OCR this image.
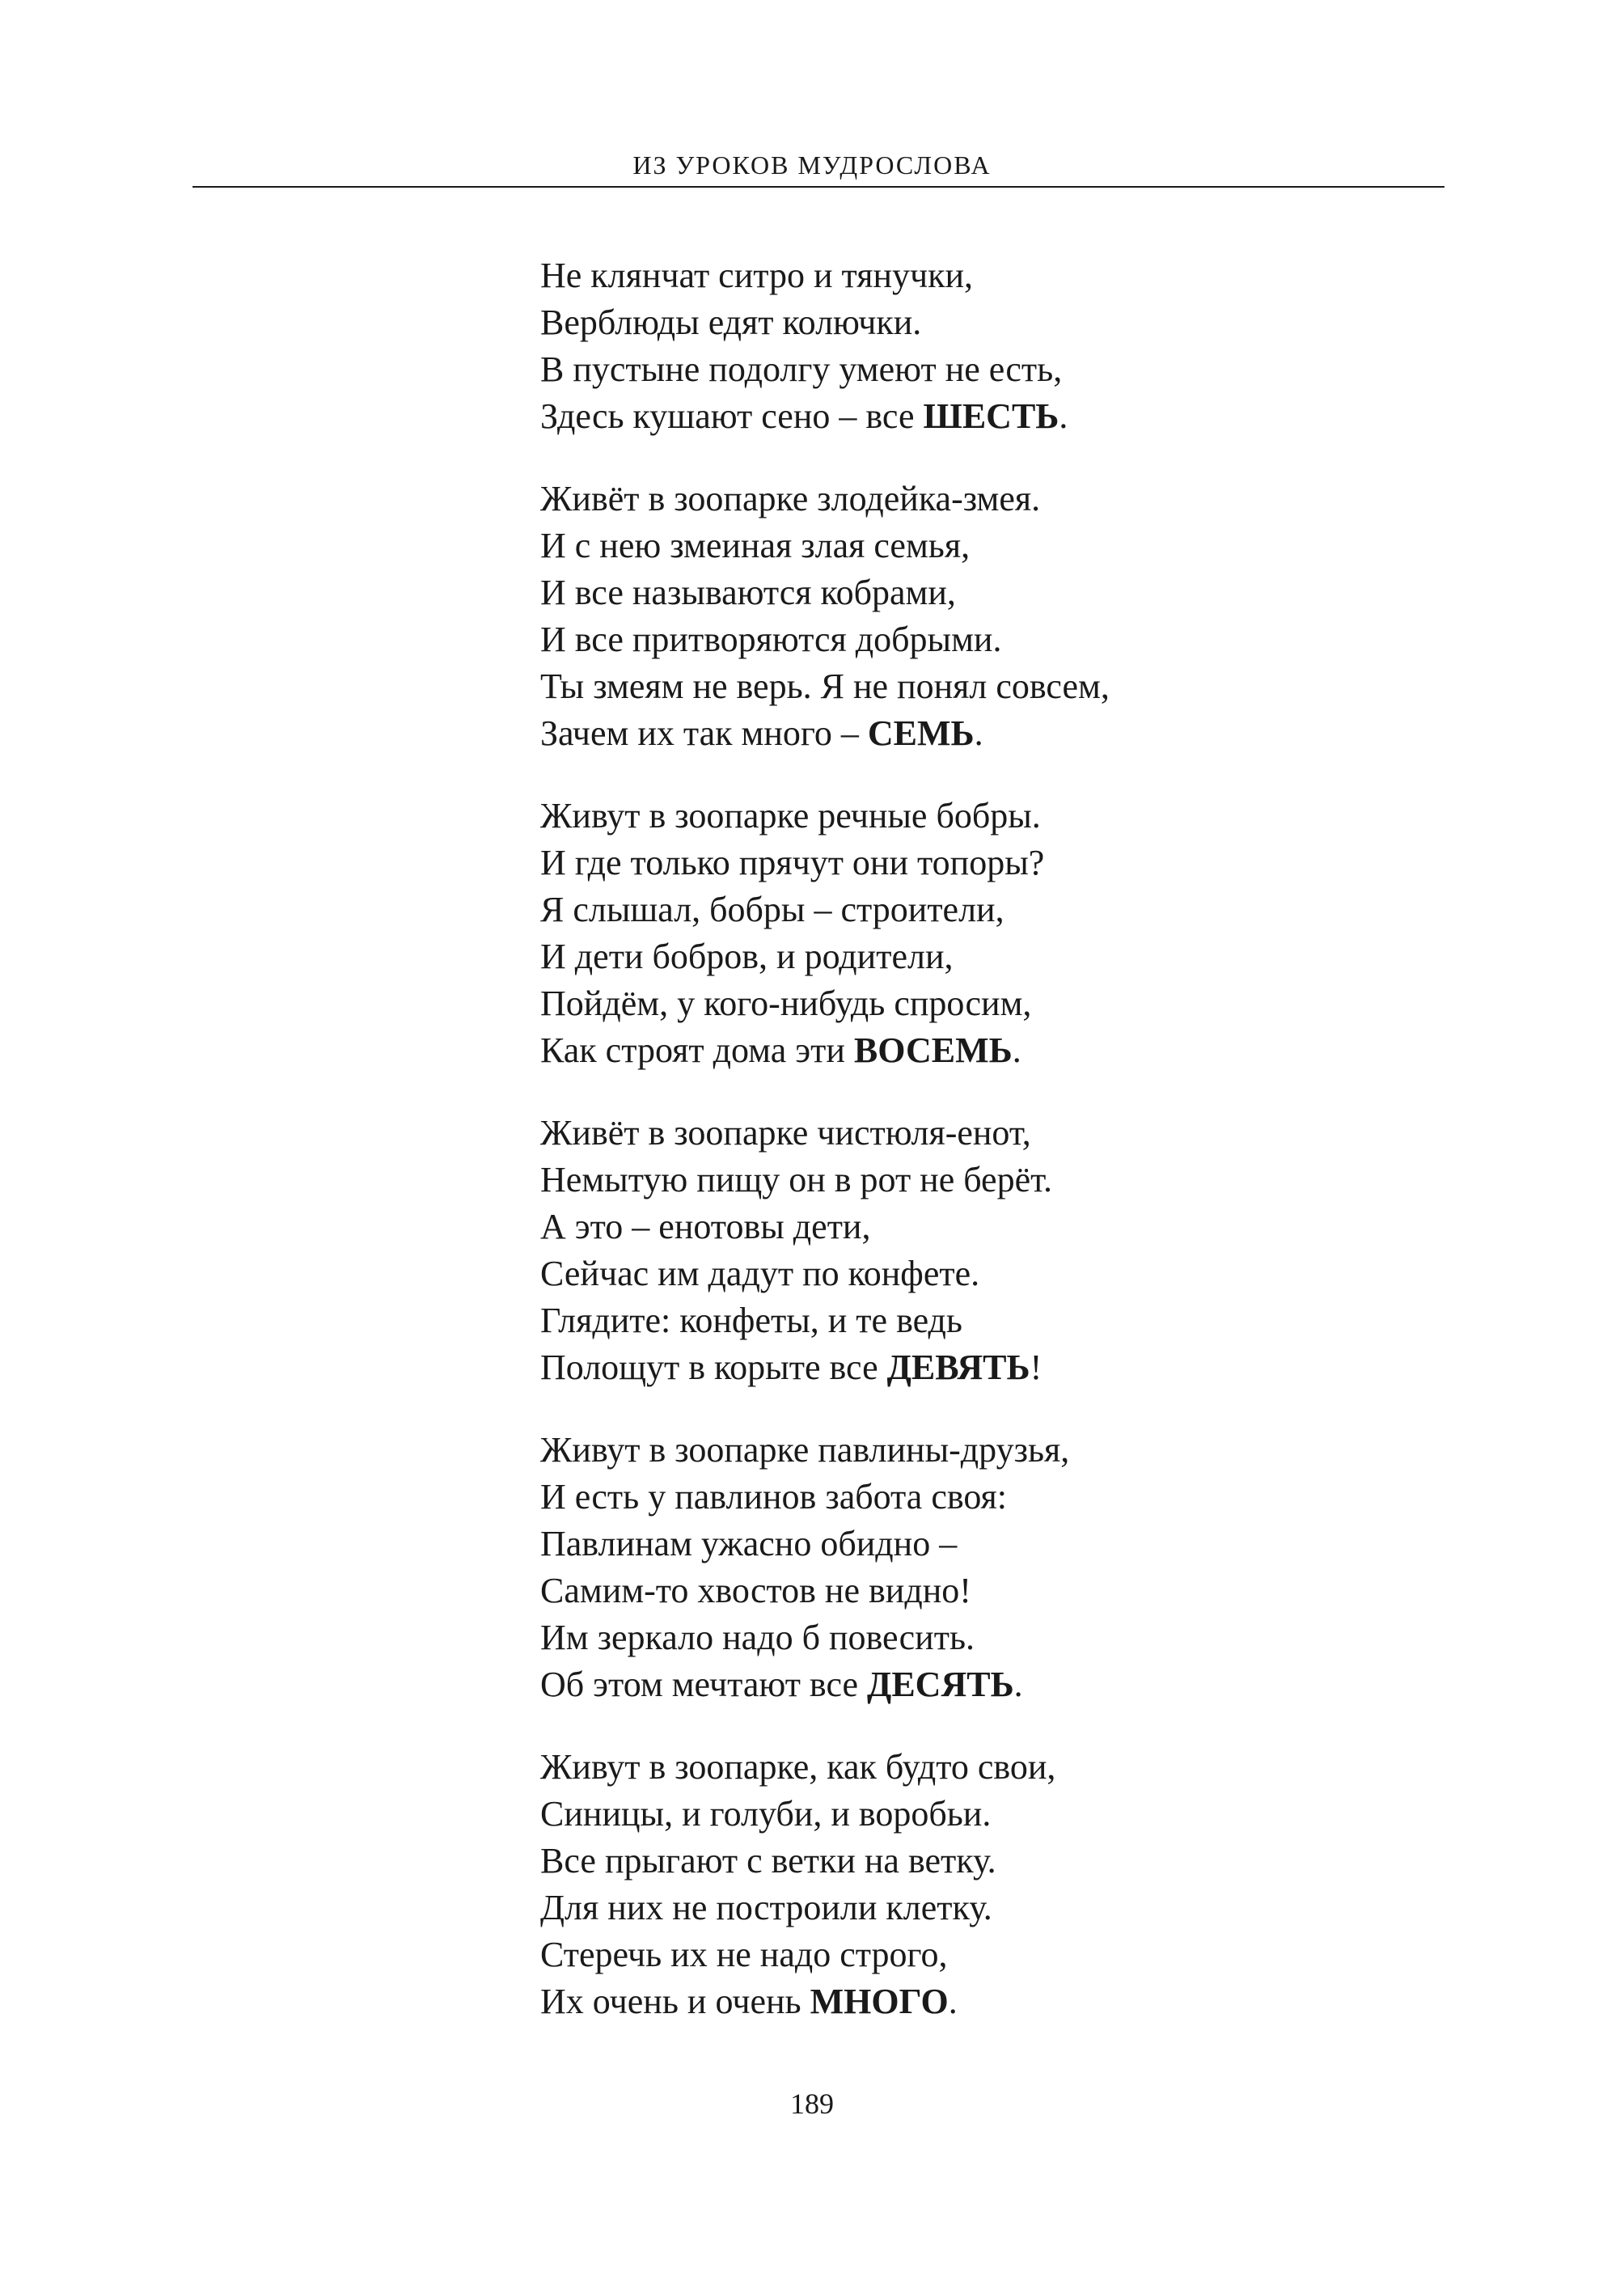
ИЗ УРОКОВ МУДРОСЛОВА
Не клянчат ситро и тянучки,
Верблюды едят колючки.
В пустыне подолгу умеют не есть,
Здесь кушают сено – все ШЕСТЬ.
Живёт в зоопарке злодейка-змея.
И с нею змеиная злая семья,
И все называются кобрами,
И все притворяются добрыми.
Ты змеям не верь. Я не понял совсем,
Зачем их так много – СЕМЬ.
Живут в зоопарке речные бобры.
И где только прячут они топоры?
Я слышал, бобры – строители,
И дети бобров, и родители,
Пойдём, у кого-нибудь спросим,
Как строят дома эти ВОСЕМЬ.
Живёт в зоопарке чистюля-енот,
Немытую пищу он в рот не берёт.
А это – енотовы дети,
Сейчас им дадут по конфете.
Глядите: конфеты, и те ведь
Полощут в корыте все ДЕВЯТЬ!
Живут в зоопарке павлины-друзья,
И есть у павлинов забота своя:
Павлинам ужасно обидно –
Самим-то хвостов не видно!
Им зеркало надо б повесить.
Об этом мечтают все ДЕСЯТЬ.
Живут в зоопарке, как будто свои,
Синицы, и голуби, и воробьи.
Все прыгают с ветки на ветку.
Для них не построили клетку.
Стеречь их не надо строго,
Их очень и очень МНОГО.
189
